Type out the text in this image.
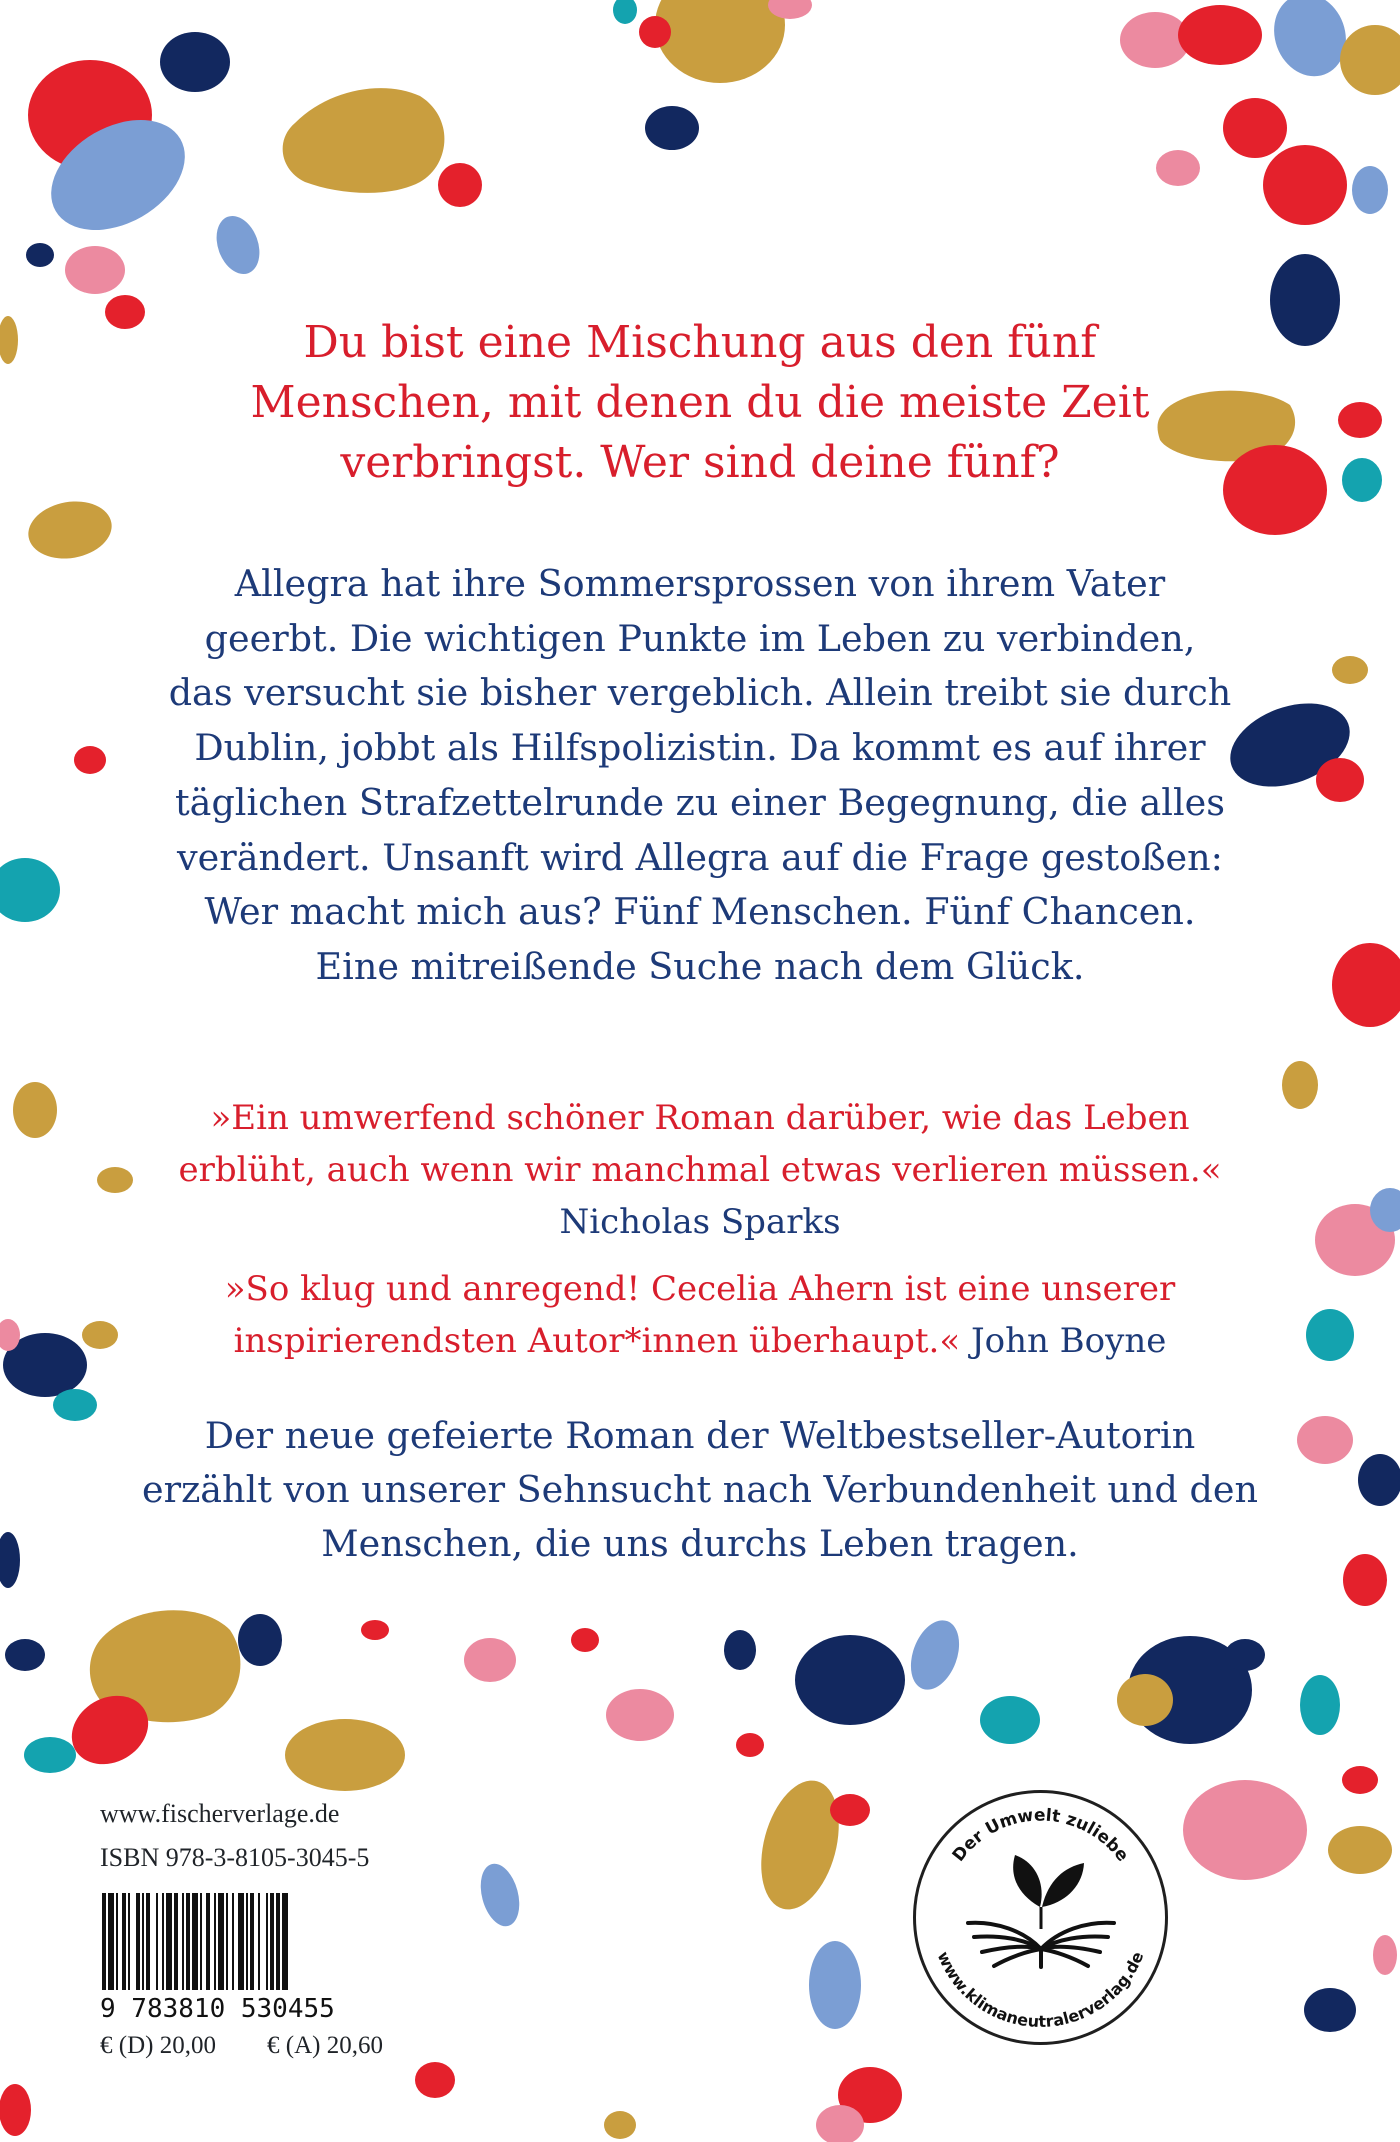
Du bist eine Mischung aus den fünf
Menschen, mit denen du die meiste Zeit
verbringst. Wer sind deine fünf?

Allegra hat ihre Sommersprossen von ihrem Vater
geerbt. Die wichtigen Punkte im Leben zu verbinden,
das versucht sie bisher vergeblich. Allein treibt sie durch
Dublin, jobbt als Hilfspolizistin. Da kommt es auf ihrer
täglichen Strafzettelrunde zu einer Begegnung, die alles
verändert. Unsanft wird Allegra auf die Frage gestoßen:
Wer macht mich aus? Fünf Menschen. Fünf Chancen.
Eine mitreißende Suche nach dem Glück.

»Ein umwerfend schöner Roman darüber, wie das Leben
erblüht, auch wenn wir manchmal etwas verlieren müssen.«
Nicholas Sparks

»So klug und anregend! Cecelia Ahern ist eine unserer
inspirierendsten Autor*innen überhaupt.« John Boyne

Der neue gefeierte Roman der Weltbestseller-Autorin
erzählt von unserer Sehnsucht nach Verbundenheit und den
Menschen, die uns durchs Leben tragen.

www.fischerverlage.de
ISBN 978-3-8105-3045-5
9 783810 530455
€ (D) 20,00 € (A) 20,60
Der Umwelt zuliebe
www.klimaneutralerverlag.de
